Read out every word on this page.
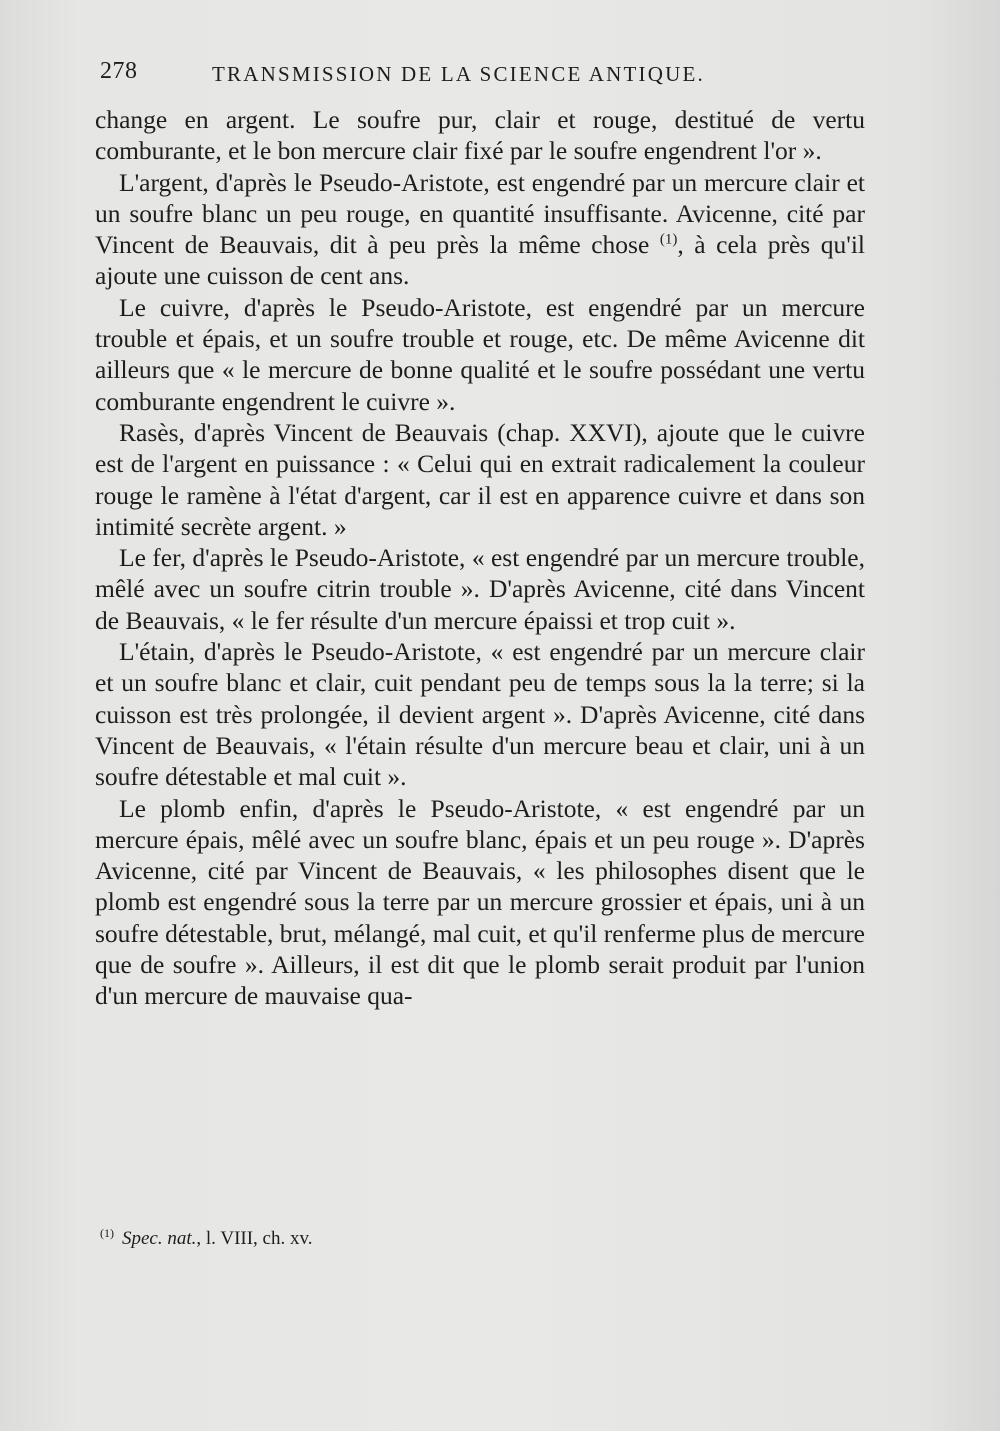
278	TRANSMISSION DE LA SCIENCE ANTIQUE.

change en argent. Le soufre pur, clair et rouge, destitué de vertu comburante, et le bon mercure clair fixé par le soufre engendrent l'or ».

L'argent, d'après le Pseudo-Aristote, est engendré par un mercure clair et un soufre blanc un peu rouge, en quantité insuffisante. Avicenne, cité par Vincent de Beauvais, dit à peu près la même chose $^{(1)}$, à cela près qu'il ajoute une cuisson de cent ans.

Le cuivre, d'après le Pseudo-Aristote, est engendré par un mercure trouble et épais, et un soufre trouble et rouge, etc. De même Avicenne dit ailleurs que « le mercure de bonne qualité et le soufre possédant une vertu comburante engendrent le cuivre ».

Rasès, d'après Vincent de Beauvais (chap. XXVI), ajoute que le cuivre est de l'argent en puissance : « Celui qui en extrait radicalement la couleur rouge le ramène à l'état d'argent, car il est en apparence cuivre et dans son intimité secrète argent. »

Le fer, d'après le Pseudo-Aristote, « est engendré par un mercure trouble, mêlé avec un soufre citrin trouble ». D'après Avicenne, cité dans Vincent de Beauvais, « le fer résulte d'un mercure épaissi et trop cuit ».

L'étain, d'après le Pseudo-Aristote, « est engendré par un mercure clair et un soufre blanc et clair, cuit pendant peu de temps sous la la terre; si la cuisson est très prolongée, il devient argent ». D'après Avicenne, cité dans Vincent de Beauvais, « l'étain résulte d'un mercure beau et clair, uni à un soufre détestable et mal cuit ».

Le plomb enfin, d'après le Pseudo-Aristote, « est engendré par un mercure épais, mêlé avec un soufre blanc, épais et un peu rouge ». D'après Avicenne, cité par Vincent de Beauvais, « les philosophes disent que le plomb est engendré sous la terre par un mercure grossier et épais, uni à un soufre détestable, brut, mélangé, mal cuit, et qu'il renferme plus de mercure que de soufre ». Ailleurs, il est dit que le plomb serait produit par l'union d'un mercure de mauvaise qua-

$^{(1)}$ Spec. nat., l. VIII, ch. xv.
